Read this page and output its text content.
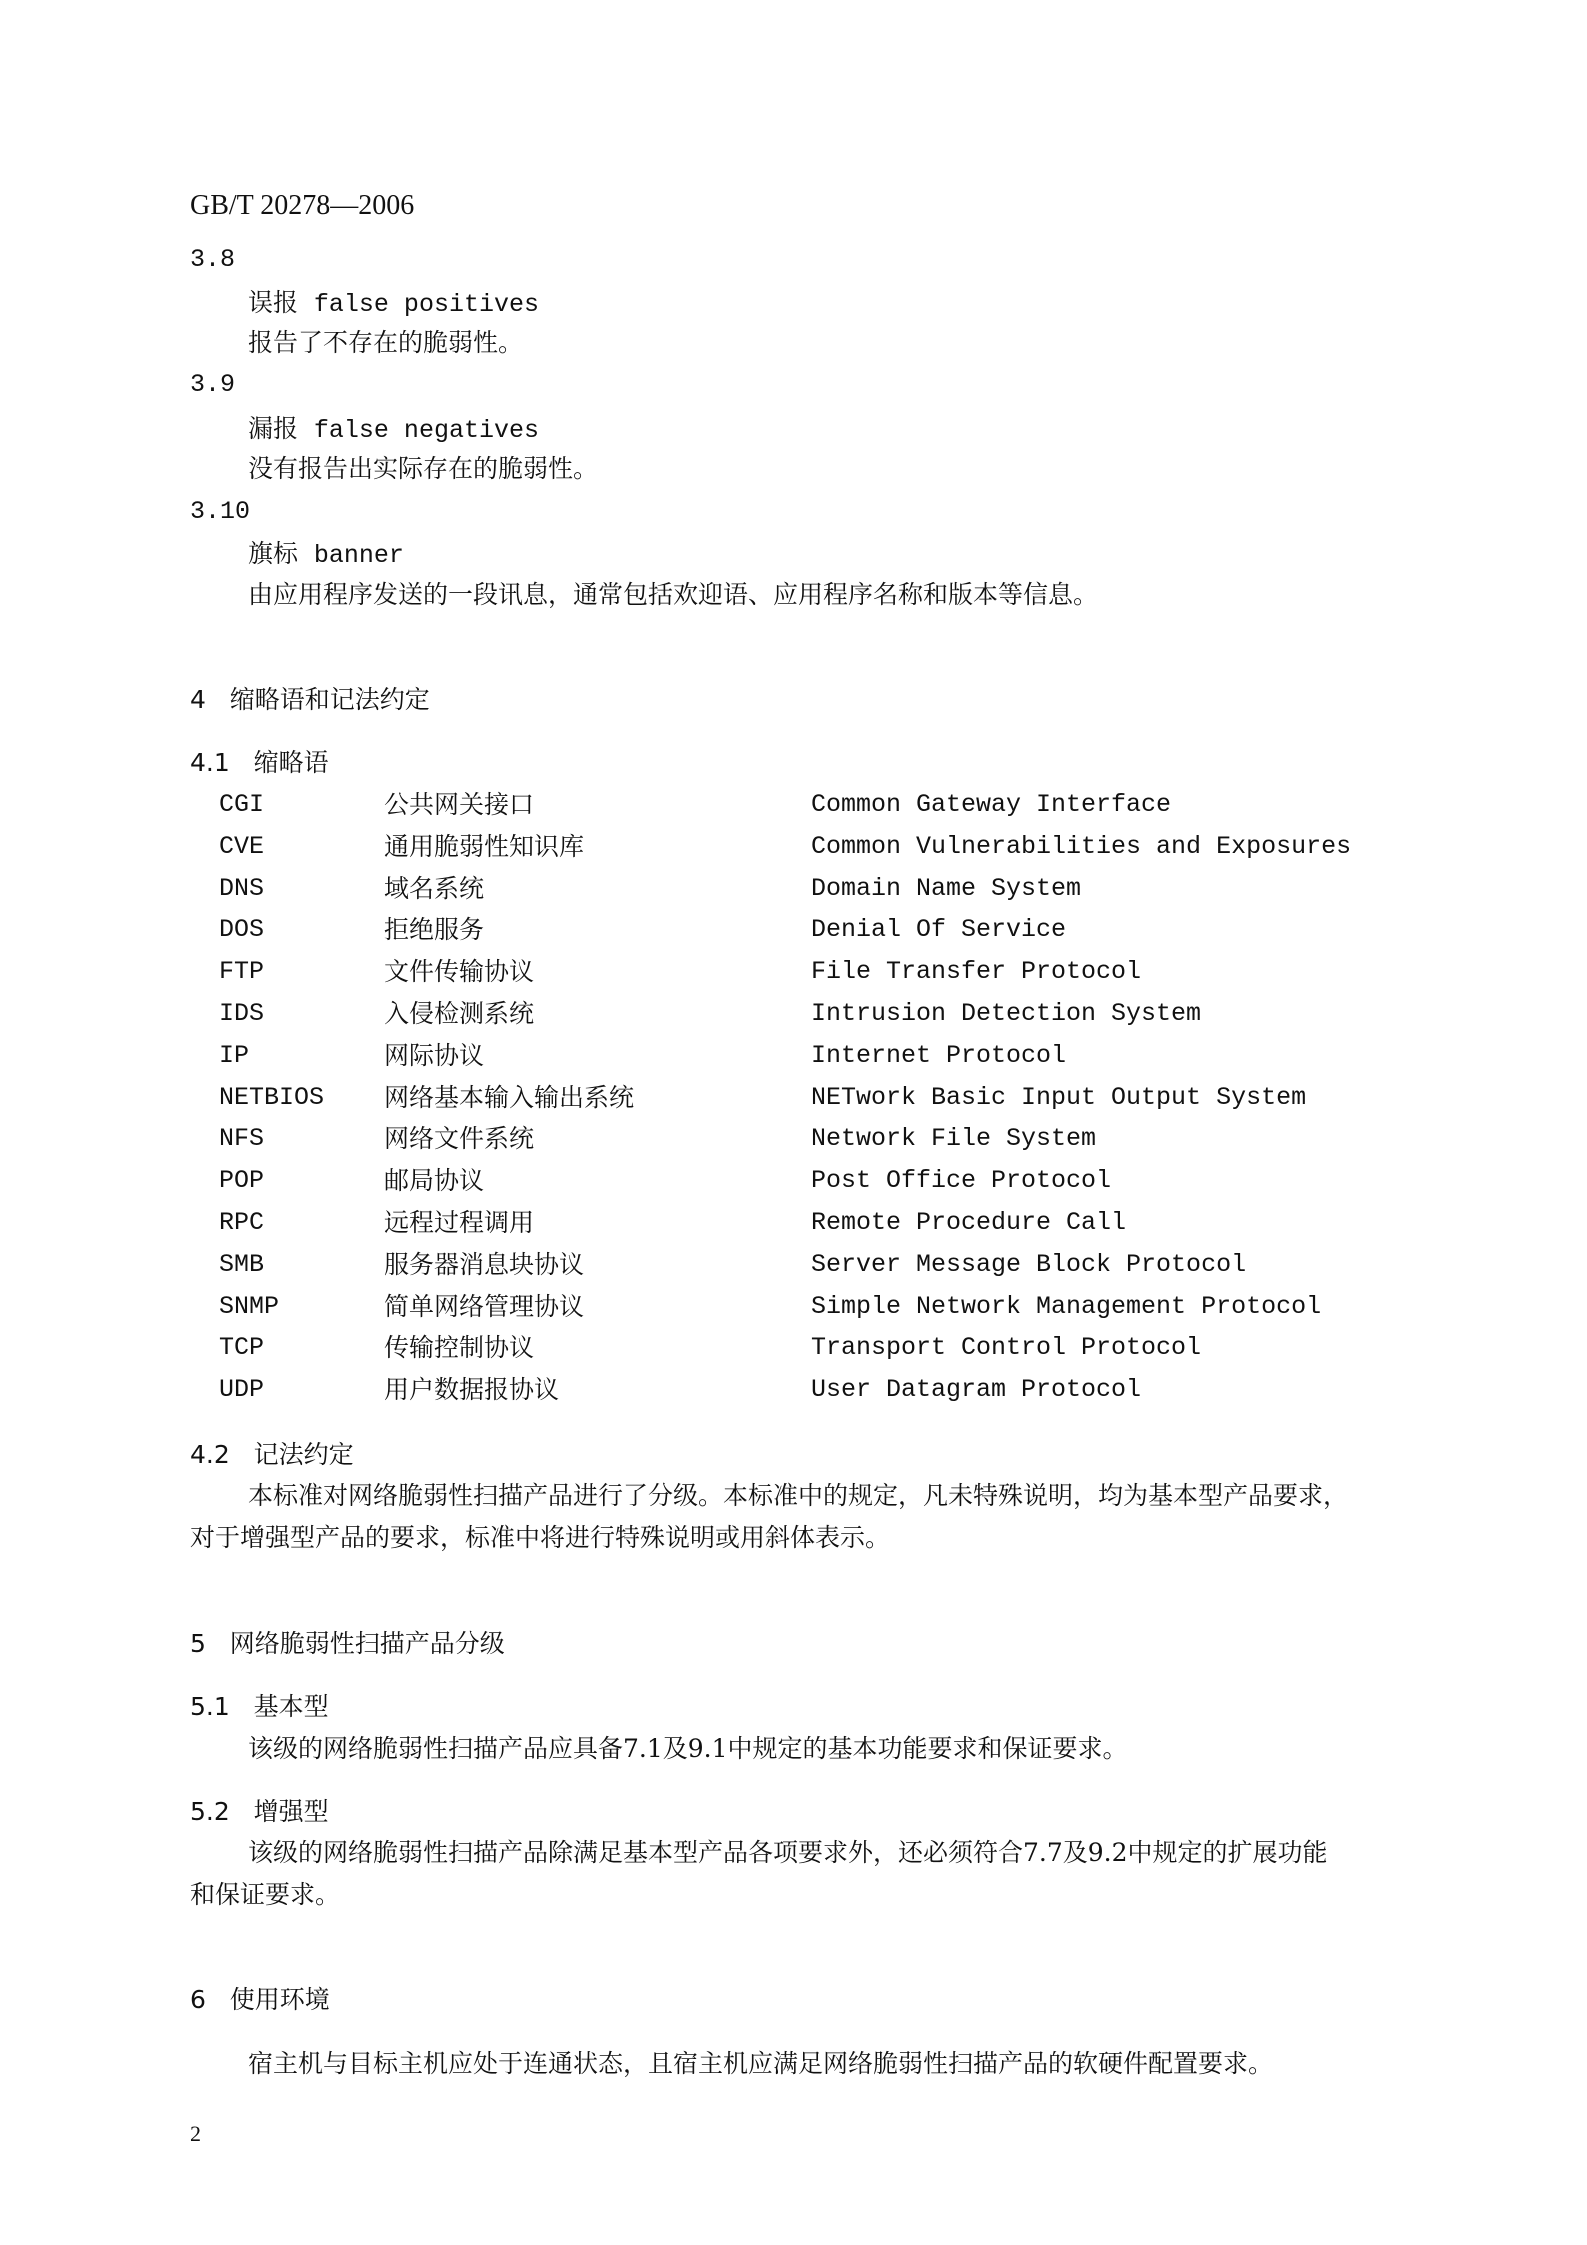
GB/T 20278—2006
3.8
误报 false positives
报告了不存在的脆弱性。
3.9
漏报 false negatives
没有报告出实际存在的脆弱性。
3.10
旗标 banner
由应用程序发送的一段讯息，通常包括欢迎语、应用程序名称和版本等信息。
4 缩略语和记法约定
4.1 缩略语
CGI	公共网关接口	Common Gateway Interface
CVE	通用脆弱性知识库	Common Vulnerabilities and Exposures
DNS	域名系统	Domain Name System
DOS	拒绝服务	Denial Of Service
FTP	文件传输协议	File Transfer Protocol
IDS	入侵检测系统	Intrusion Detection System
IP	网际协议	Internet Protocol
NETBIOS 网络基本输入输出系统	NETwork Basic Input Output System
NFS	网络文件系统	Network File System
POP	邮局协议	Post Office Protocol
RPC	远程过程调用	Remote Procedure Call
SMB	服务器消息块协议	Server Message Block Protocol
SNMP	简单网络管理协议	Simple Network Management Protocol
TCP	传输控制协议	Transport Control Protocol
UDP	用户数据报协议	User Datagram Protocol
4.2 记法约定
本标准对网络脆弱性扫描产品进行了分级。本标准中的规定，凡未特殊说明，均为基本型产品要求，
对于增强型产品的要求，标准中将进行特殊说明或用斜体表示。
5 网络脆弱性扫描产品分级
5.1 基本型
该级的网络脆弱性扫描产品应具备7.1及9.1中规定的基本功能要求和保证要求。
5.2 增强型
该级的网络脆弱性扫描产品除满足基本型产品各项要求外，还必须符合7.7及9.2中规定的扩展功能
和保证要求。
6 使用环境
宿主机与目标主机应处于连通状态，且宿主机应满足网络脆弱性扫描产品的软硬件配置要求。
2
